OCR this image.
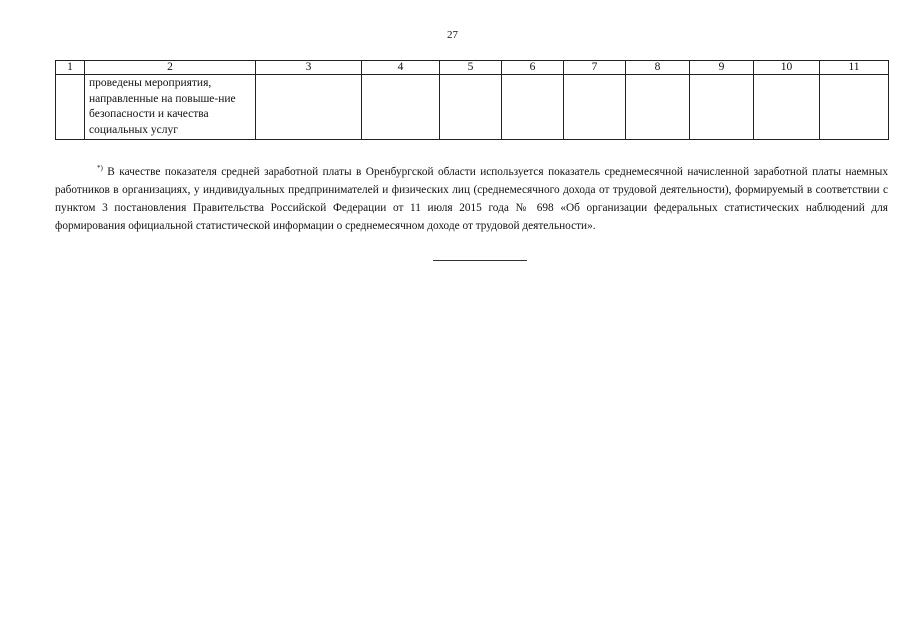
27
1	2	3	4	5	6	7	8	9	10	11

	проведены мероприятия, направленные на повыше-ние безопасности и качества социальных услуг									

*) В качестве показателя средней заработной платы в Оренбургской области используется показатель среднемесячной начисленной заработной платы наемных работников в организациях, у индивидуальных предпринимателей и физических лиц (среднемесячного дохода от трудовой деятельности), формируемый в соответствии с пунктом 3 постановления Правительства Российской Федерации от 11 июля 2015 года № 698 «Об организации федеральных статистических наблюдений для формирования официальной статистической информации о среднемесячном доходе от трудовой деятельности».
